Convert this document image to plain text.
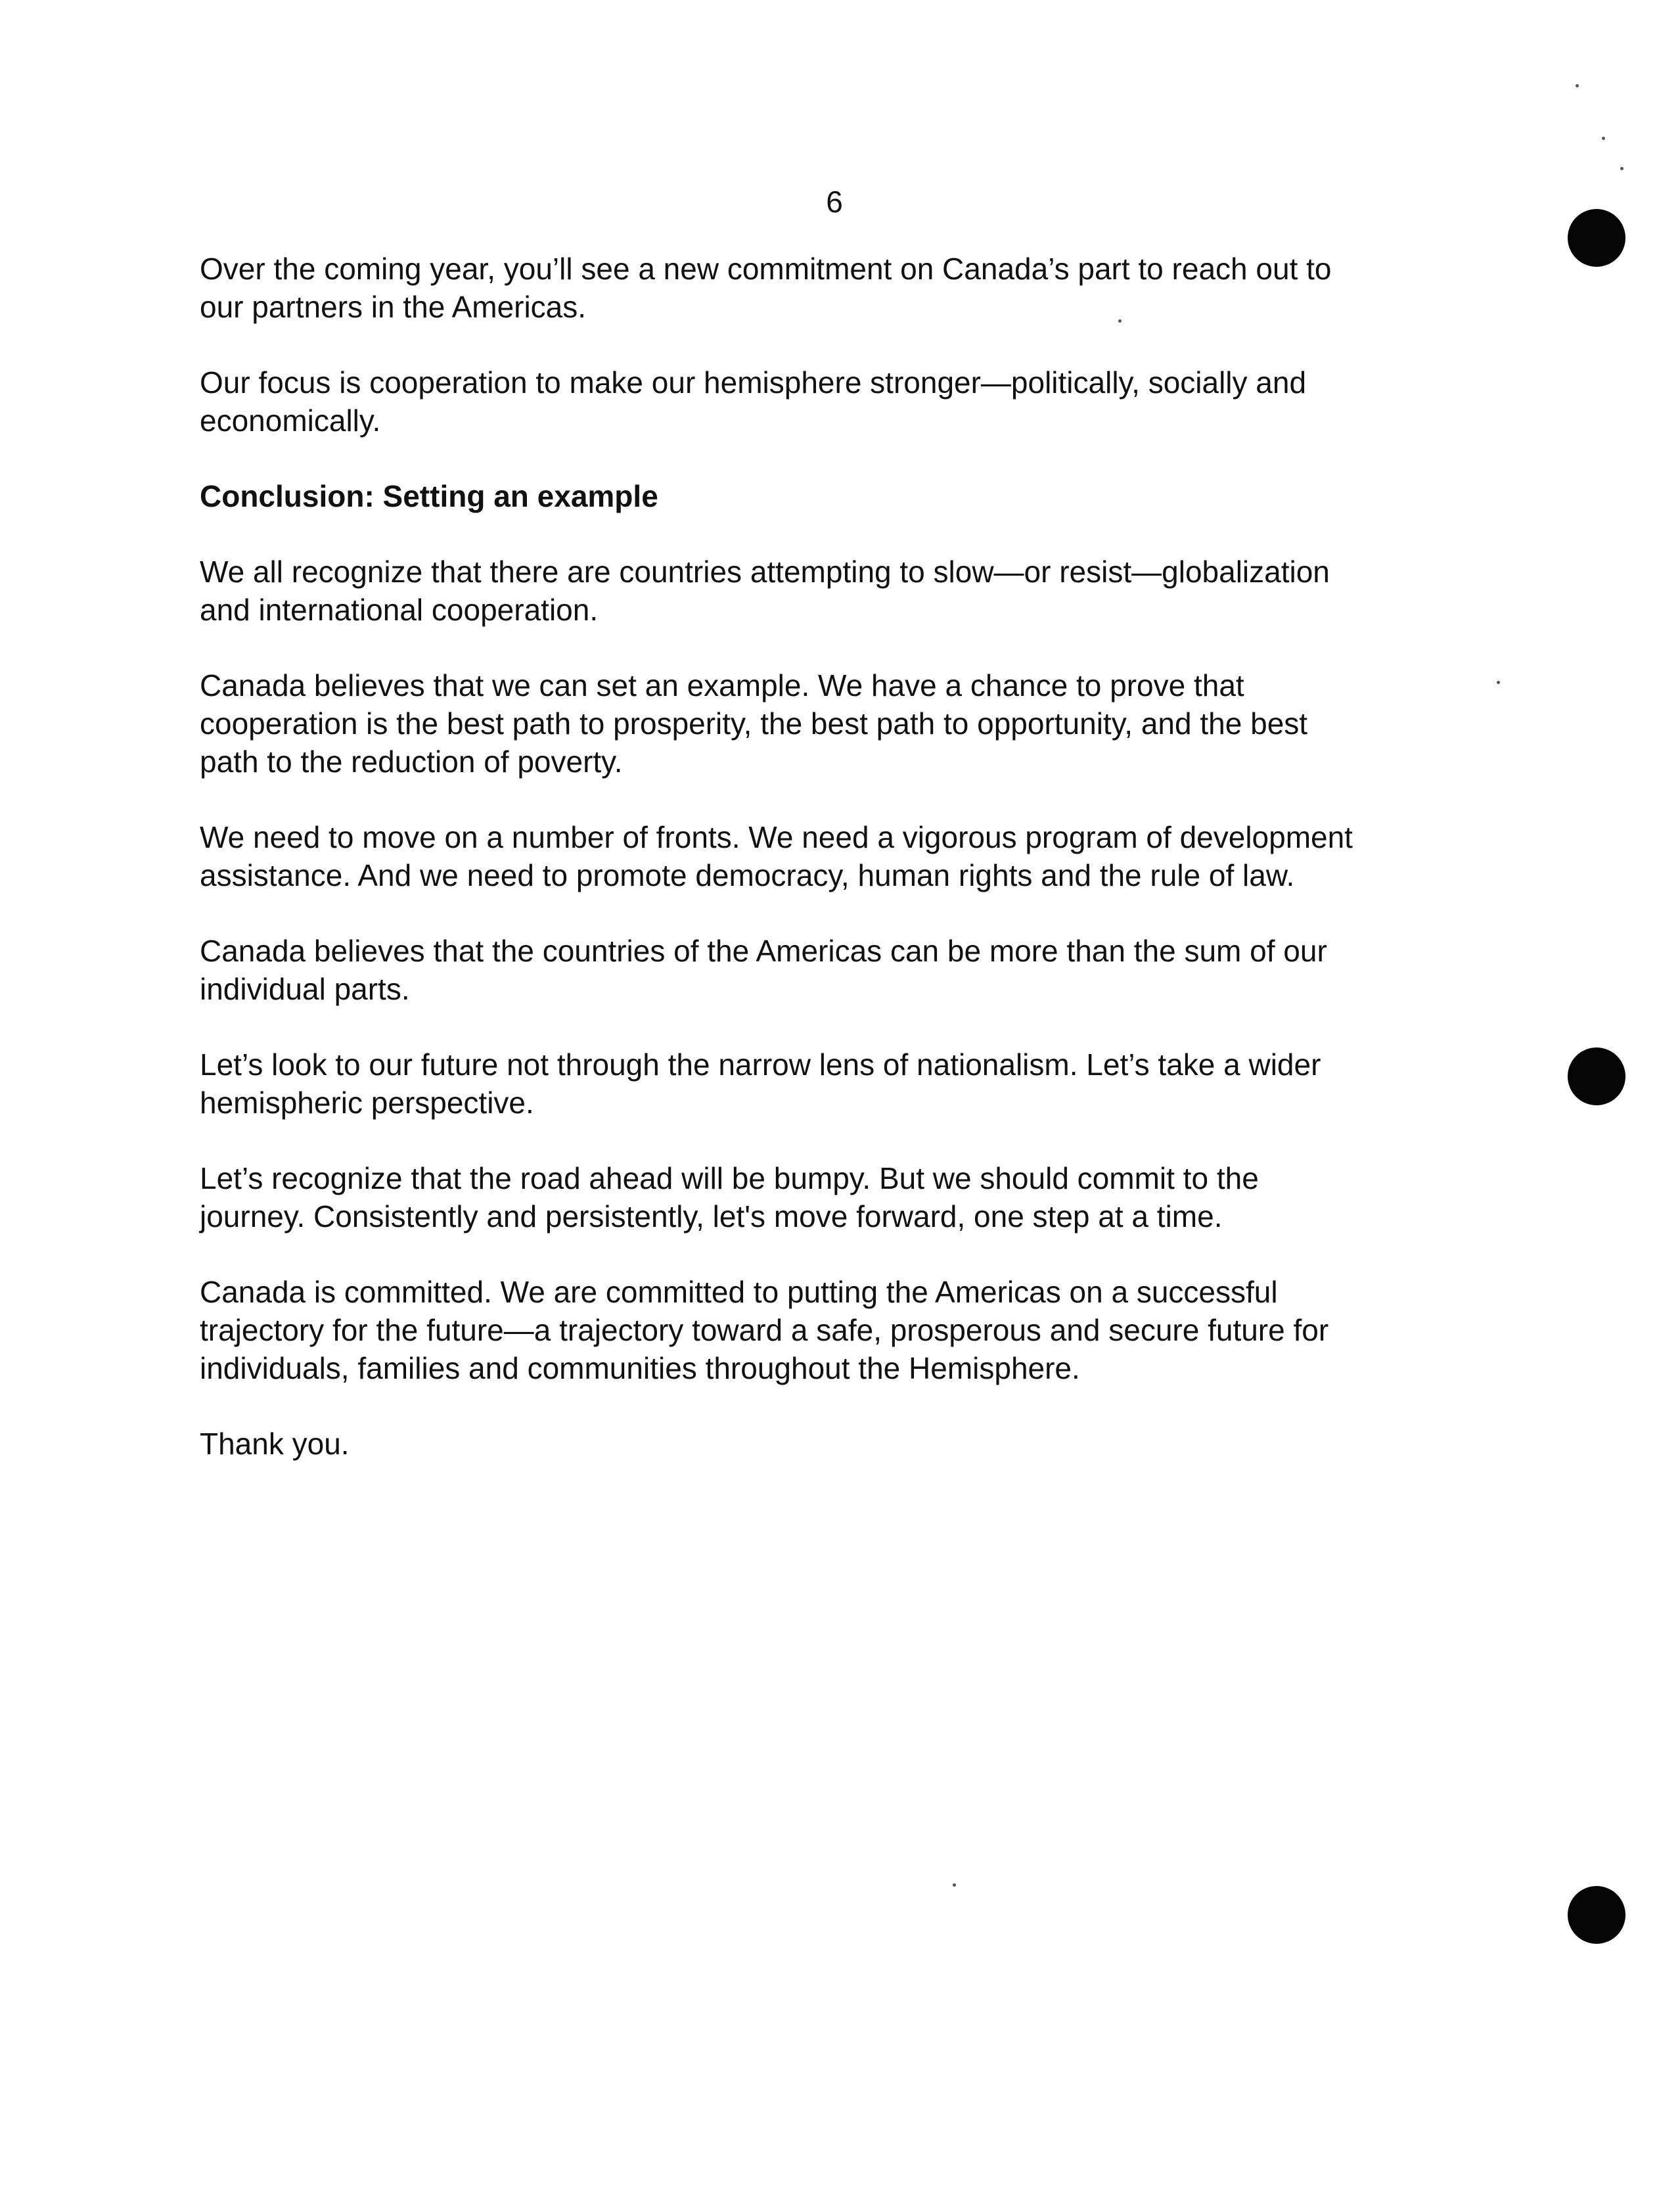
6

Over the coming year, you’ll see a new commitment on Canada’s part to reach out to
our partners in the Americas.

Our focus is cooperation to make our hemisphere stronger—politically, socially and
economically.

Conclusion: Setting an example

We all recognize that there are countries attempting to slow—or resist—globalization
and international cooperation.

Canada believes that we can set an example. We have a chance to prove that
cooperation is the best path to prosperity, the best path to opportunity, and the best
path to the reduction of poverty.

We need to move on a number of fronts. We need a vigorous program of development
assistance. And we need to promote democracy, human rights and the rule of law.

Canada believes that the countries of the Americas can be more than the sum of our
individual parts.

Let’s look to our future not through the narrow lens of nationalism. Let’s take a wider
hemispheric perspective.

Let’s recognize that the road ahead will be bumpy. But we should commit to the
journey. Consistently and persistently, let's move forward, one step at a time.

Canada is committed. We are committed to putting the Americas on a successful
trajectory for the future—a trajectory toward a safe, prosperous and secure future for
individuals, families and communities throughout the Hemisphere.

Thank you.
